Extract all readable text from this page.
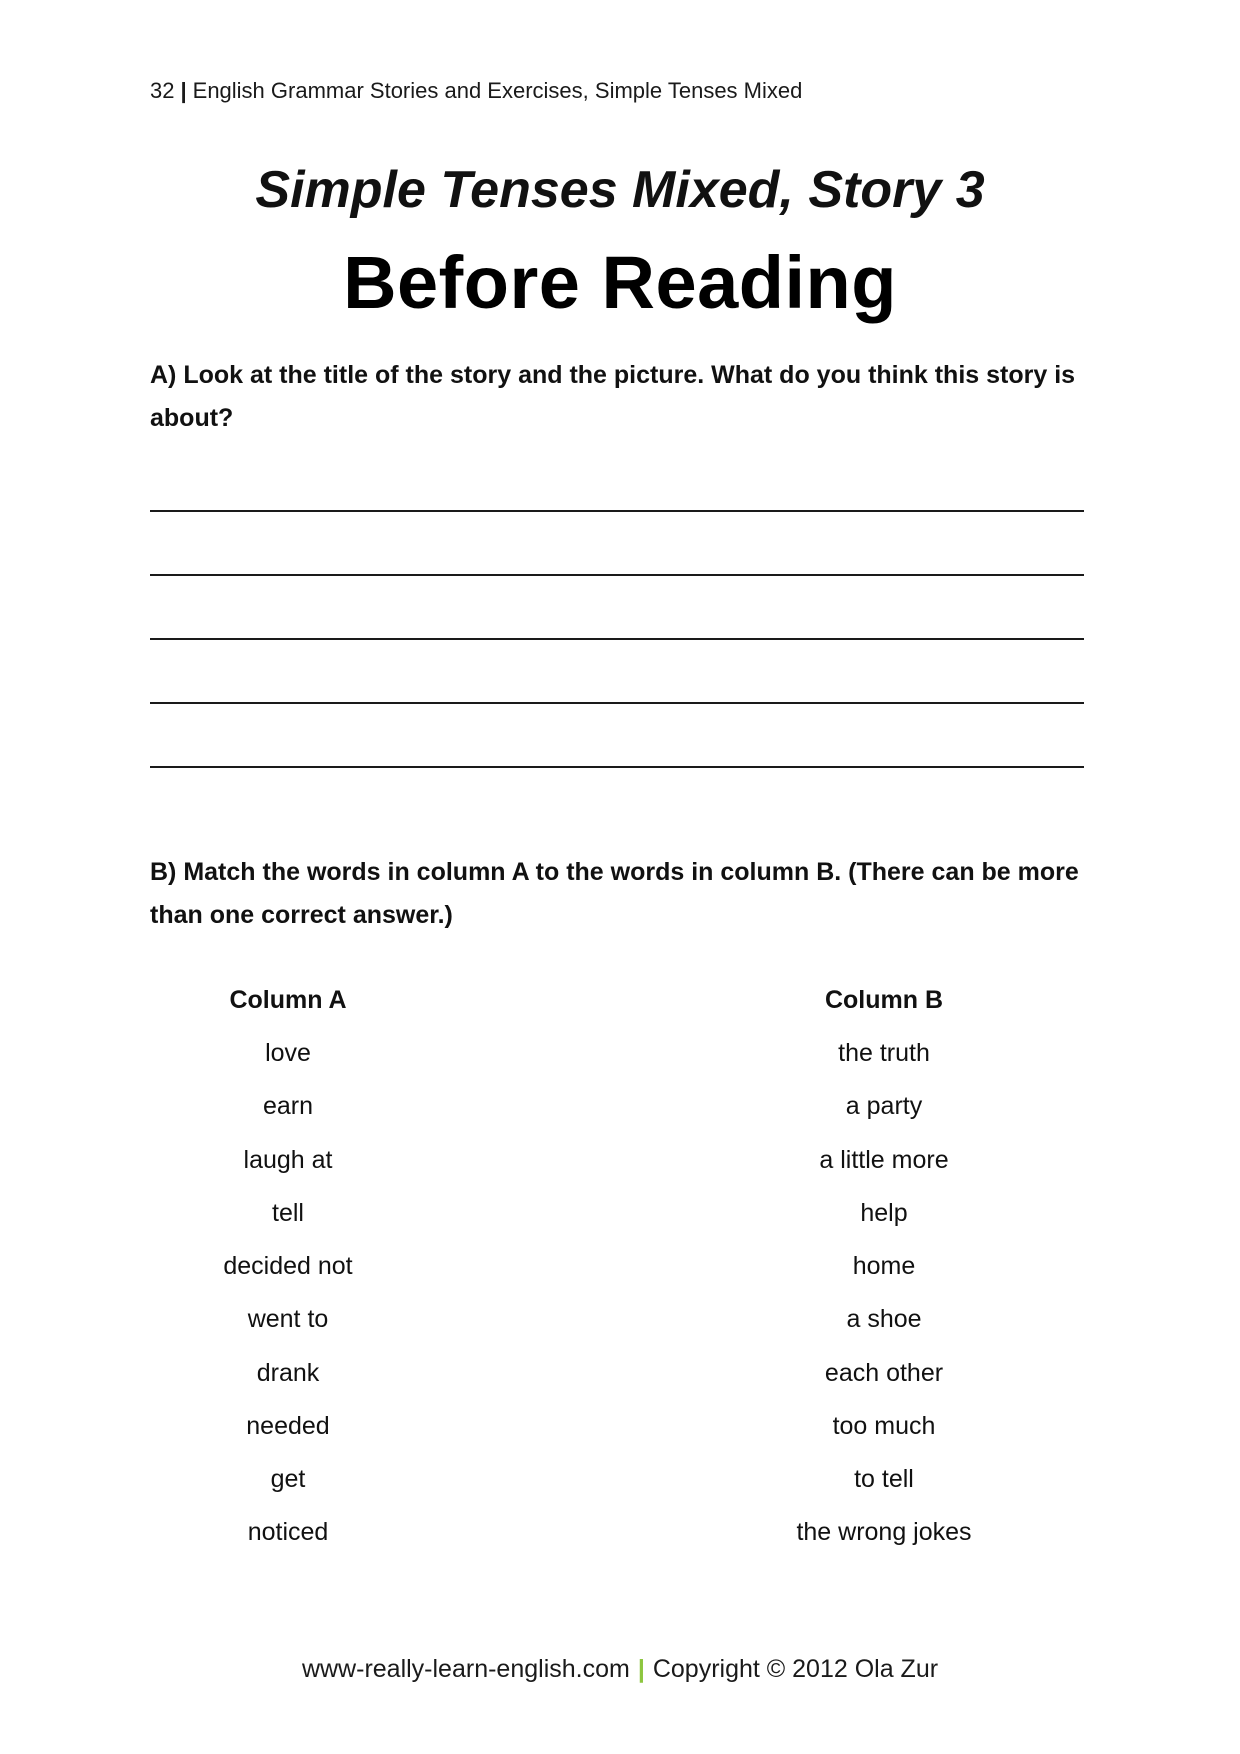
32 | English Grammar Stories and Exercises, Simple Tenses Mixed
Simple Tenses Mixed, Story 3
Before Reading
A) Look at the title of the story and the picture. What do you think this story is about?
B) Match the words in column A to the words in column B. (There can be more than one correct answer.)
Column A
love
earn
laugh at
tell
decided not
went to
drank
needed
get
noticed
Column B
the truth
a party
a little more
help
home
a shoe
each other
too much
to tell
the wrong jokes
www-really-learn-english.com | Copyright © 2012 Ola Zur
